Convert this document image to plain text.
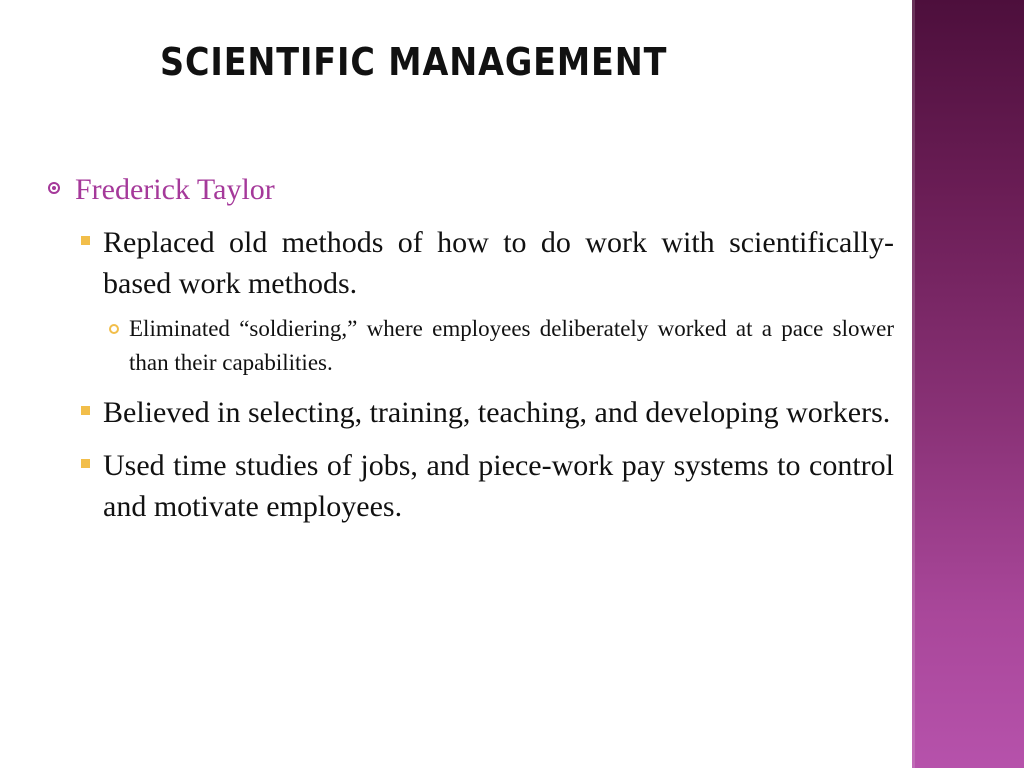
SCIENTIFIC MANAGEMENT
Frederick Taylor
Replaced old methods of how to do work with scientifically-based work methods.
Eliminated “soldiering,” where employees deliberately worked at a pace slower than their capabilities.
Believed in selecting, training, teaching, and developing workers.
Used time studies of jobs, and piece-work pay systems to control and motivate employees.
